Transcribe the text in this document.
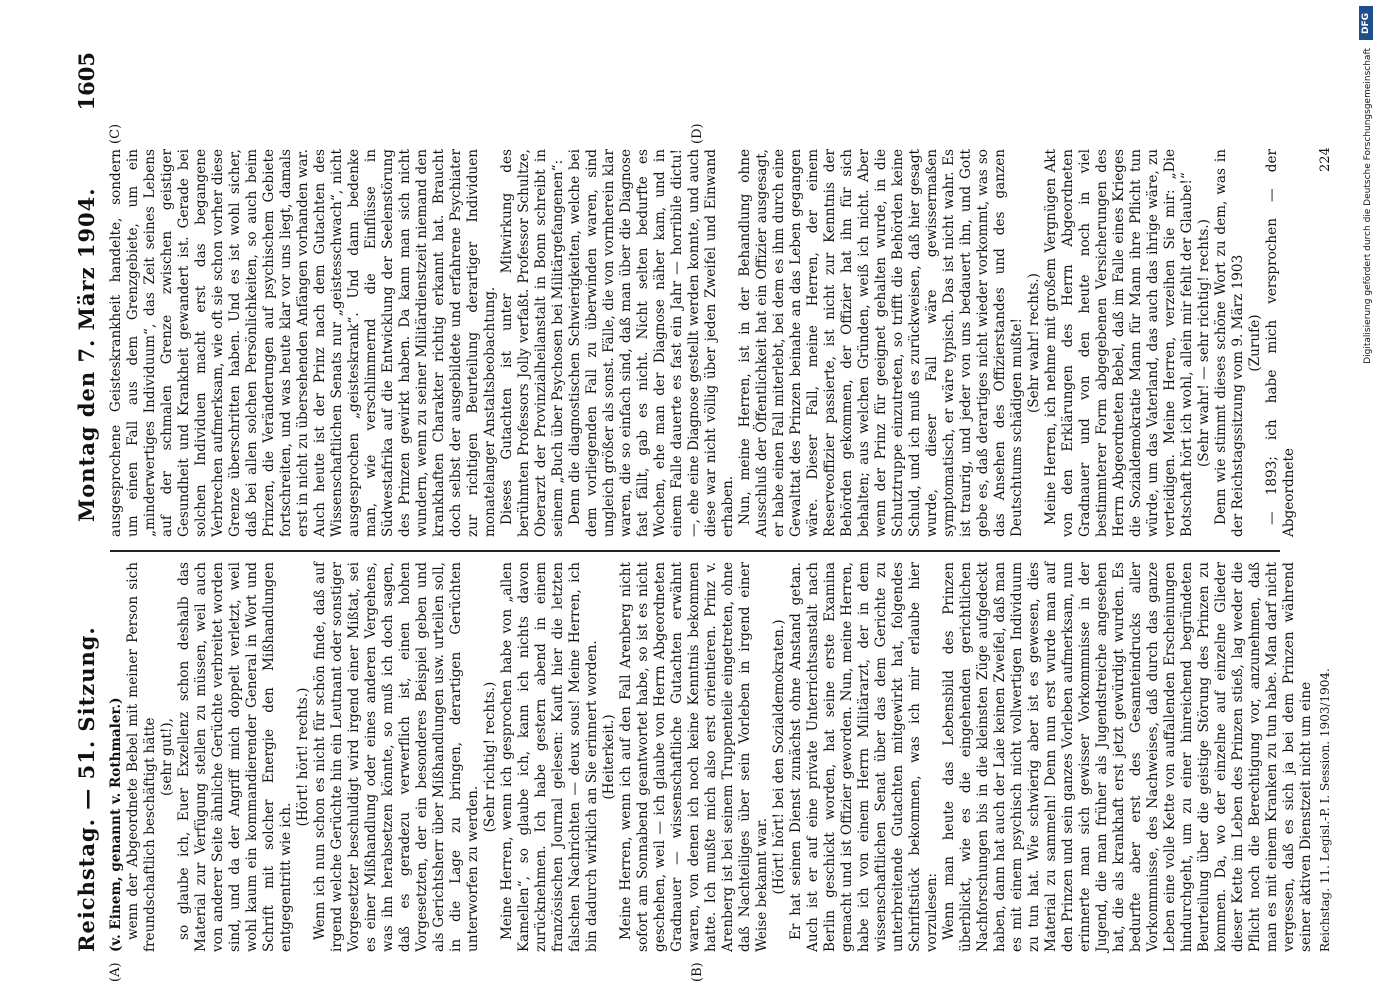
Reichstag. — 51. Sitzung.
Montag den 7. März 1904.
1605
(A)	(B)
(C)	(D)

(v. Einem, genannt v. Rothmaler.) wenn der Abgeordnete Bebel mit meiner Person sich freundschaftlich beschäftigt hätte (sehr gut!), so glaube ich, Euer Exzellenz schon deshalb das Material zur Verfügung stellen zu müssen, weil auch von anderer Seite ähnliche Gerüchte verbreitet worden sind, und da der Angriff mich doppelt verletzt, weil wohl kaum ein kommandierender General in Wort und Schrift mit solcher Energie den Mißhandlungen entgegentritt wie ich.

(Hört! hört! rechts.) Wenn ich nun schon es nicht für schön finde, daß auf irgend welche Gerüchte hin ein Leutnant oder sonstiger Vorgesetzter beschuldigt wird irgend einer Mißtat, sei es einer Mißhandlung oder eines anderen Vergehens, was ihn herabsetzen könnte, so muß ich doch sagen, daß es geradezu verwerflich ist, einen hohen Vorgesetzten, der ein besonderes Beispiel geben und als Gerichtsherr über Mißhandlungen usw. urteilen soll, in die Lage zu bringen, derartigen Gerüchten unterworfen zu werden.

(Sehr richtig! rechts.) Meine Herren, wenn ich gesprochen habe von „allen Kamellen“, so glaube ich, kann ich nichts davon zurücknehmen. Ich habe gestern abend in einem französischen Journal gelesen: Kauft hier die letzten falschen Nachrichten — deux sous! Meine Herren, ich bin dadurch wirklich an Sie erinnert worden. (Heiterkeit.) Meine Herren, wenn ich auf den Fall Arenberg nicht sofort am Sonnabend geantwortet habe, so ist es nicht geschehen, weil — ich glaube von Herrn Abgeordneten Gradnauer — wissenschaftliche Gutachten erwähnt waren, von denen ich noch keine Kenntnis bekommen hatte. Ich mußte mich also erst orientieren. Prinz v. Arenberg ist bei seinem Truppenteile eingetreten, ohne daß Nachteiliges über sein Vorleben in irgend einer Weise bekannt war. (Hört! hört! bei den Sozialdemokraten.) Er hat seinen Dienst zunächst ohne Anstand getan. Auch ist er auf eine private Unterrichtsanstalt nach Berlin geschickt worden, hat seine erste Examina gemacht und ist Offizier geworden. Nun, meine Herren, habe ich von einem Herrn Militärarzt, der in dem wissenschaftlichen Senat über das dem Gerichte zu unterbreitende Gutachten mitgewirkt hat, folgendes Schriftstück bekommen, was ich mir erlaube hier vorzulesen: Wenn man heute das Lebensbild des Prinzen überblickt, wie es die eingehenden gerichtlichen Nachforschungen bis in die kleinsten Züge aufgedeckt haben, dann hat auch der Laie keinen Zweifel, daß man es mit einem psychisch nicht vollwertigen Individuum zu tun hat. Wie schwierig aber ist es gewesen, dies Material zu sammeln! Denn nun erst wurde man auf den Prinzen und sein ganzes Vorleben aufmerksam, nun erinnerte man sich gewisser Vorkommnisse in der Jugend, die man früher als Jugendstreiche angesehen hat, die als krankhaft erst jetzt gewürdigt wurden. Es bedurfte aber erst des Gesamteindrucks aller Vorkommnisse, des Nachweises, daß durch das ganze Leben eine volle Kette von auffallenden Erscheinungen hindurchgeht, um zu einer hinreichend begründeten Beurteilung über die geistige Störung des Prinzen zu kommen. Da, wo der einzelne auf einzelne Glieder dieser Kette im Leben des Prinzen stieß, lag weder die Pflicht noch die Berechtigung vor, anzunehmen, daß man es mit einem Kranken zu tun habe. Man darf nicht vergessen, daß es sich ja bei dem Prinzen während seiner aktiven Dienstzeit nicht um eine

ausgesprochene Geisteskrankheit handelte, sondern um einen Fall aus dem Grenzgebiete, um ein „minderwertiges Individuum“, das Zeit seines Lebens auf der schmalen Grenze zwischen geistiger Gesundheit und Krankheit gewandert ist. Gerade bei solchen Individuen macht erst das begangene Verbrechen aufmerksam, wie oft sie schon vorher diese Grenze überschritten haben. Und es ist wohl sicher, daß bei allen solchen Persönlichkeiten, so auch beim Prinzen, die Veränderungen auf psychischem Gebiete fortschreiten, und was heute klar vor uns liegt, damals erst in nicht zu übersehenden Anfängen vorhanden war. Auch heute ist der Prinz nach dem Gutachten des Wissenschaftlichen Senats nur „geistesschwach“, nicht ausgesprochen „geisteskrank“. Und dann bedenke man, wie verschlimmernd die Einflüsse in Südwestafrika auf die Entwicklung der Seelenstörung des Prinzen gewirkt haben. Da kann man sich nicht wundern, wenn zu seiner Militärdienstzeit niemand den krankhaften Charakter richtig erkannt hat. Braucht doch selbst der ausgebildete und erfahrene Psychiater zur richtigen Beurteilung derartiger Individuen monatelanger Anstaltsbeobachtung. Dieses Gutachten ist unter Mitwirkung des berühmten Professors Jolly verfaßt. Professor Schultze, Oberarzt der Provinzialheilanstalt in Bonn schreibt in seinem „Buch über Psychosen bei Militärgefangenen“: Denn die diagnostischen Schwierigkeiten, welche bei dem vorliegenden Fall zu überwinden waren, sind ungleich größer als sonst. Fälle, die von vornherein klar waren, die so einfach sind, daß man über die Diagnose fast fällt, gab es nicht. Nicht selten bedurfte es Wochen, ehe man der Diagnose näher kam, und in einem Falle dauerte es fast ein Jahr — horribile dictu! —, ehe eine Diagnose gestellt werden konnte, und auch diese war nicht völlig über jeden Zweifel und Einwand erhaben. Nun, meine Herren, ist in der Behandlung ohne Ausschluß der Öffentlichkeit hat ein Offizier ausgesagt, er habe einen Fall miterlebt, bei dem es ihm durch eine Gewalttat des Prinzen beinahe an das Leben gegangen wäre. Dieser Fall, meine Herren, der einem Reserveoffizier passierte, ist nicht zur Kenntnis der Behörden gekommen, der Offizier hat ihn für sich behalten; aus welchen Gründen, weiß ich nicht. Aber wenn der Prinz für geeignet gehalten wurde, in die Schutztruppe einzutreten, so trifft die Behörden keine Schuld, und ich muß es zurückweisen, daß hier gesagt wurde, dieser Fall wäre gewissermaßen symptomatisch, er wäre typisch. Das ist nicht wahr. Es ist traurig, und jeder von uns bedauert ihn, und Gott gebe es, daß derartiges nicht wieder vorkommt, was so das Ansehen des Offizierstandes und des ganzen Deutschtums schädigen mußte! (Sehr wahr! rechts.) Meine Herren, ich nehme mit großem Vergnügen Akt von den Erklärungen des Herrn Abgeordneten Gradnauer und von den heute noch in viel bestimmterer Form abgegebenen Versicherungen des Herrn Abgeordneten Bebel, daß im Falle eines Krieges die Sozialdemokratie Mann für Mann ihre Pflicht tun würde, um das Vaterland, das auch das ihrige wäre, zu verteidigen. Meine Herren, verzeihen Sie mir: „Die Botschaft hört ich wohl, allein mir fehlt der Glaube!“ (Sehr wahr! — sehr richtig! rechts.) Denn wie stimmt dieses schöne Wort zu dem, was in der Reichstagssitzung vom 9. März 1903 (Zurufe) — 1893; ich habe mich versprochen — der Abgeordnete

Reichstag. 11. Legisl.-P. I. Session. 1903/1904.
224
DFG
Digitalisierung gefördert durch die Deutsche Forschungsgemeinschaft
